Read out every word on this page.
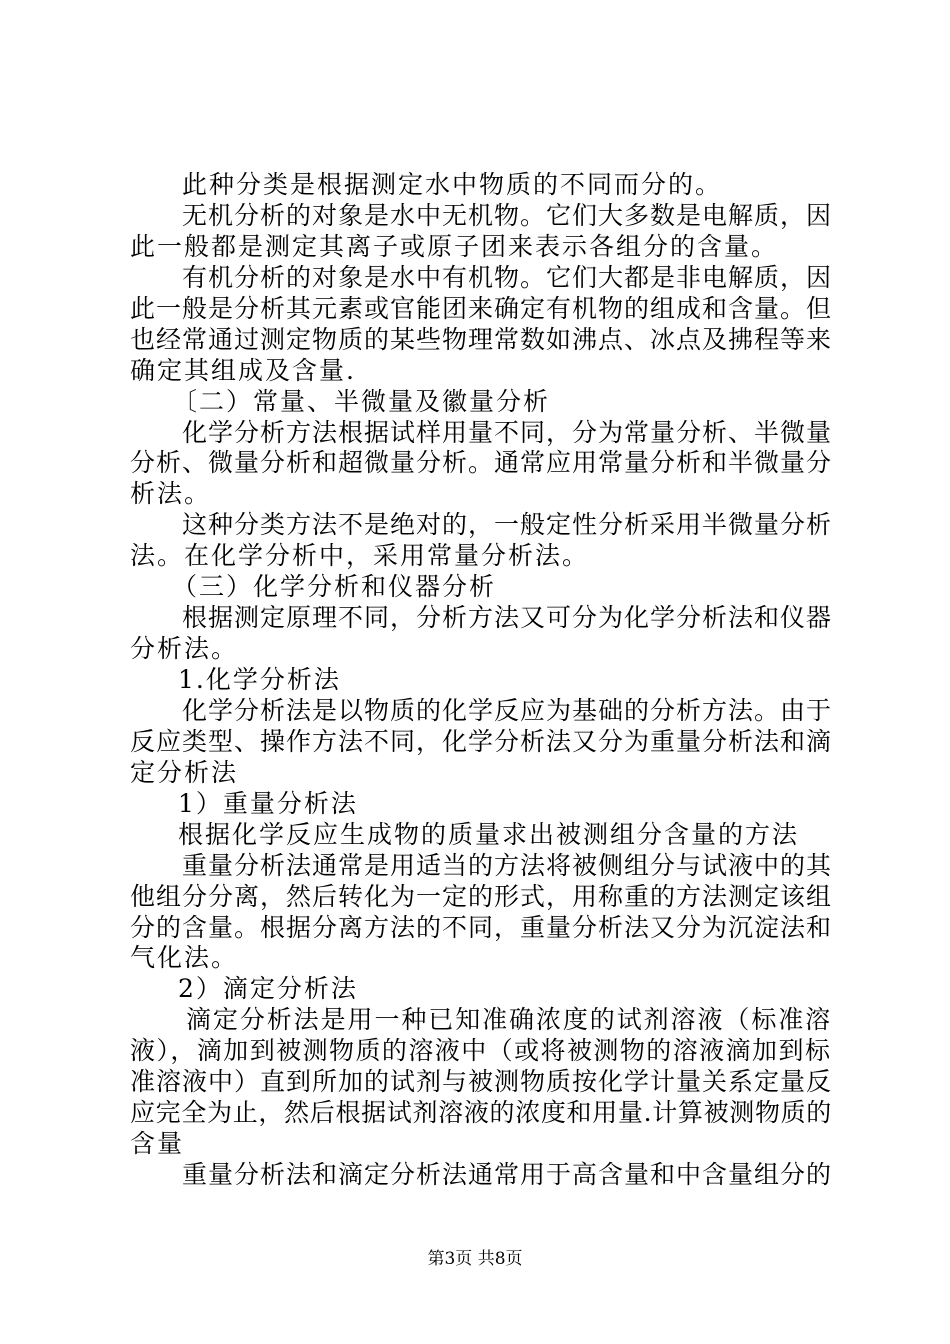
此种分类是根据测定水中物质的不同而分的。
无机分析的对象是水中无机物。它们大多数是电解质，因
此一般都是测定其离子或原子团来表示各组分的含量。
有机分析的对象是水中有机物。它们大都是非电解质，因
此一般是分析其元素或官能团来确定有机物的组成和含量。但
也经常通过测定物质的某些物理常数如沸点、冰点及拂程等来
确定其组成及含量.
〔二）常量、半微量及徽量分析
化学分析方法根据试样用量不同，分为常量分析、半微量
分析、微量分析和超微量分析。通常应用常量分析和半微量分
析法。
这种分类方法不是绝对的，一般定性分析采用半微量分析
法。在化学分析中，采用常量分析法。
（三）化学分析和仪器分析
根据测定原理不同，分析方法又可分为化学分析法和仪器
分析法。
1.化学分析法
化学分析法是以物质的化学反应为基础的分析方法。由于
反应类型、操作方法不同，化学分析法又分为重量分析法和滴
定分析法
1）重量分析法
根据化学反应生成物的质量求出被测组分含量的方法
重量分析法通常是用适当的方法将被侧组分与试液中的其
他组分分离，然后转化为一定的形式，用称重的方法测定该组
分的含量。根据分离方法的不同，重量分析法又分为沉淀法和
气化法。
2）滴定分析法
滴定分析法是用一种已知准确浓度的试剂溶液（标准溶
液），滴加到被测物质的溶液中（或将被测物的溶液滴加到标
准溶液中）直到所加的试剂与被测物质按化学计量关系定量反
应完全为止，然后根据试剂溶液的浓度和用量.计算被测物质的
含量
重量分析法和滴定分析法通常用于高含量和中含量组分的
第3页 共8页
